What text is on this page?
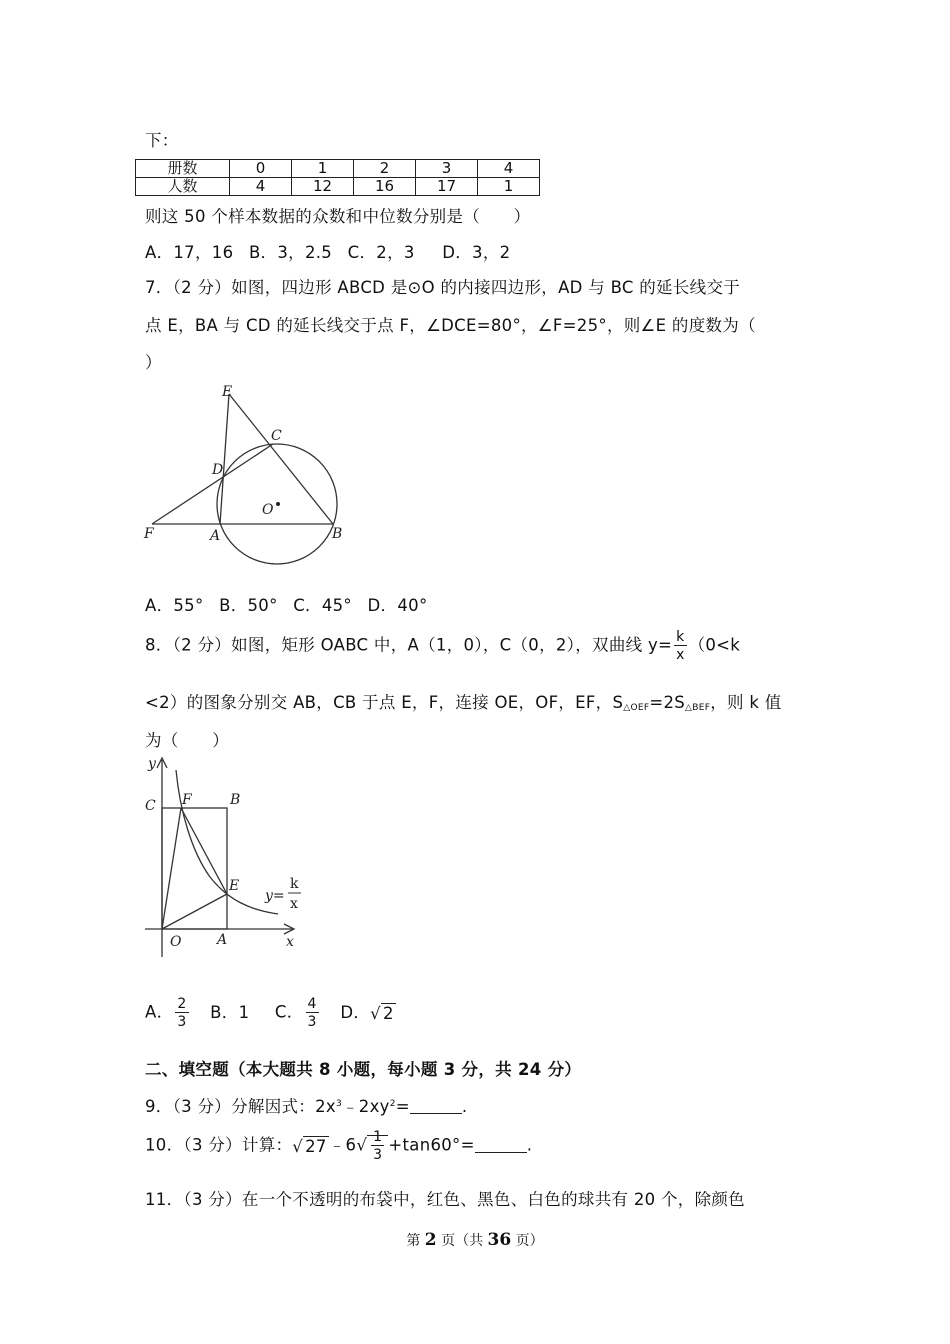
下：
册数	0	1	2	3	4
人数	4	12	16	17	1
则这 50 个样本数据的众数和中位数分别是（　　）
A．17，16 B．3，2.5 C．2，3 D．3，2
7．（2 分）如图，四边形 ABCD 是⊙O 的内接四边形，AD 与 BC 的延长线交于
点 E，BA 与 CD 的延长线交于点 F，∠DCE=80°，∠F=25°，则∠E 的度数为（
）
E
C
D
O
F	A	B
A．55° B．50° C．45° D．40°
8．（2 分）如图，矩形 OABC 中，A（1，0），C（0，2），双曲线 $y= \frac{k}{x} (0<k$
<2）的图象分别交 AB，CB 于点 E，F，连接 OE，OF，EF，$S_{\triangle OEF}=2S_{\triangle BEF}$，则 k 值
为（　　）
y
C F	B
E
O	A	x
y=
k
x
A． $\frac{2}{3}$ B．1 C． $\frac{4}{3}$ D．√ 2
二、填空题（本大题共 8 小题，每小题 3 分，共 24 分）
9．（3 分）分解因式：$2x^3﹣2xy^2=$	.
10．（3 分）计算：√ 27 ﹣6√ $\frac{1}{3} +\tan 60^\circ=$	.
11．（3 分）在一个不透明的布袋中，红色、黑色、白色的球共有 20 个，除颜色
第 2 页（共 36 页）
